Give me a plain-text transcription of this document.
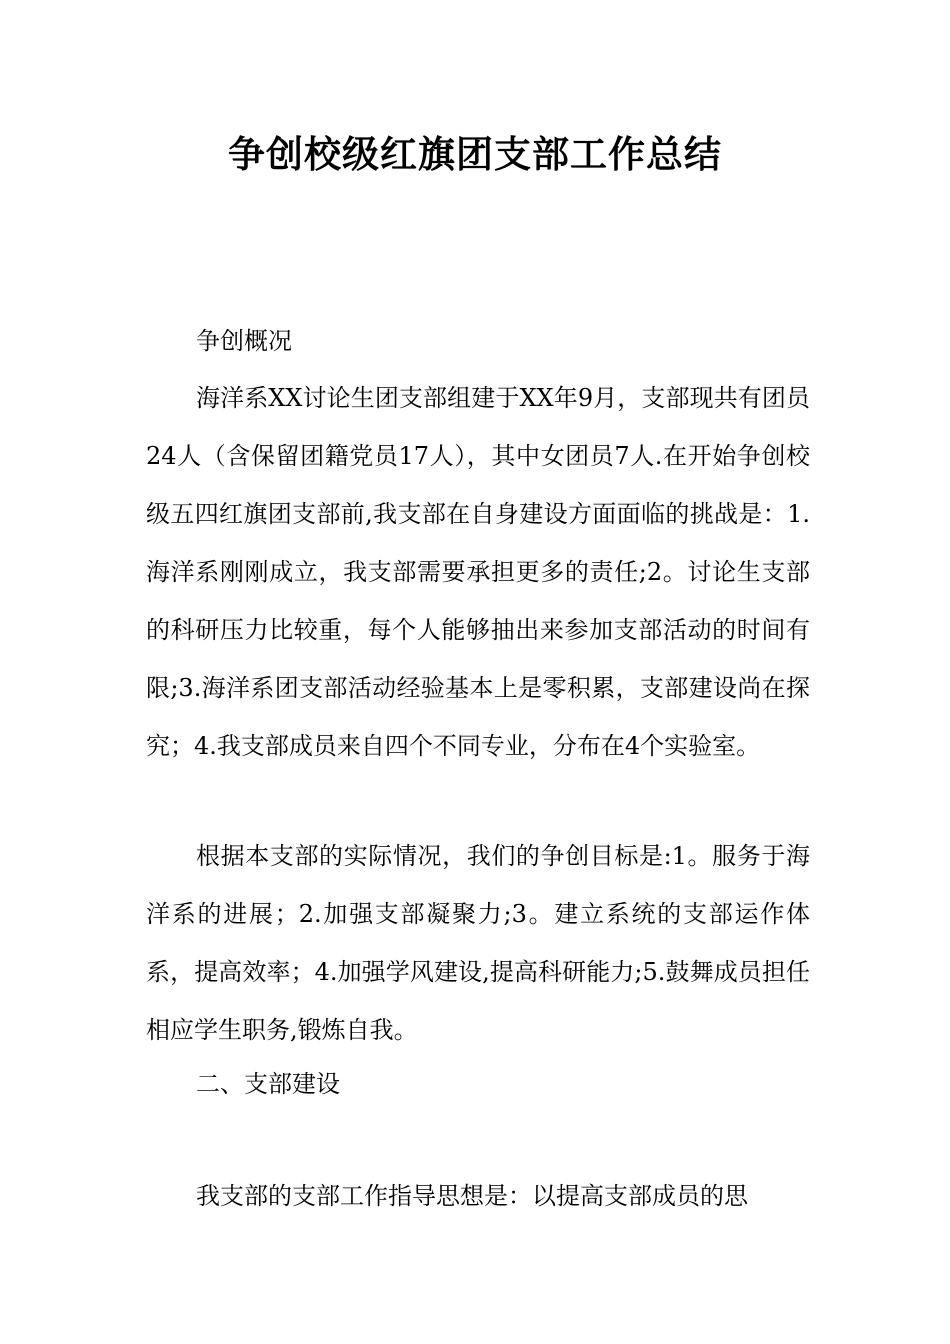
争创校级红旗团支部工作总结

争创概况

海洋系XX讨论生团支部组建于XX年9月，支部现共有团员24人（含保留团籍党员17人），其中女团员7人.在开始争创校级五四红旗团支部前,我支部在自身建设方面面临的挑战是：1.海洋系刚刚成立，我支部需要承担更多的责任;2。讨论生支部的科研压力比较重，每个人能够抽出来参加支部活动的时间有限;3.海洋系团支部活动经验基本上是零积累，支部建设尚在探究；4.我支部成员来自四个不同专业，分布在4个实验室。

根据本支部的实际情况，我们的争创目标是:1。服务于海洋系的进展；2.加强支部凝聚力;3。建立系统的支部运作体系，提高效率；4.加强学风建设,提高科研能力;5.鼓舞成员担任相应学生职务,锻炼自我。

二、支部建设

我支部的支部工作指导思想是：以提高支部成员的思
